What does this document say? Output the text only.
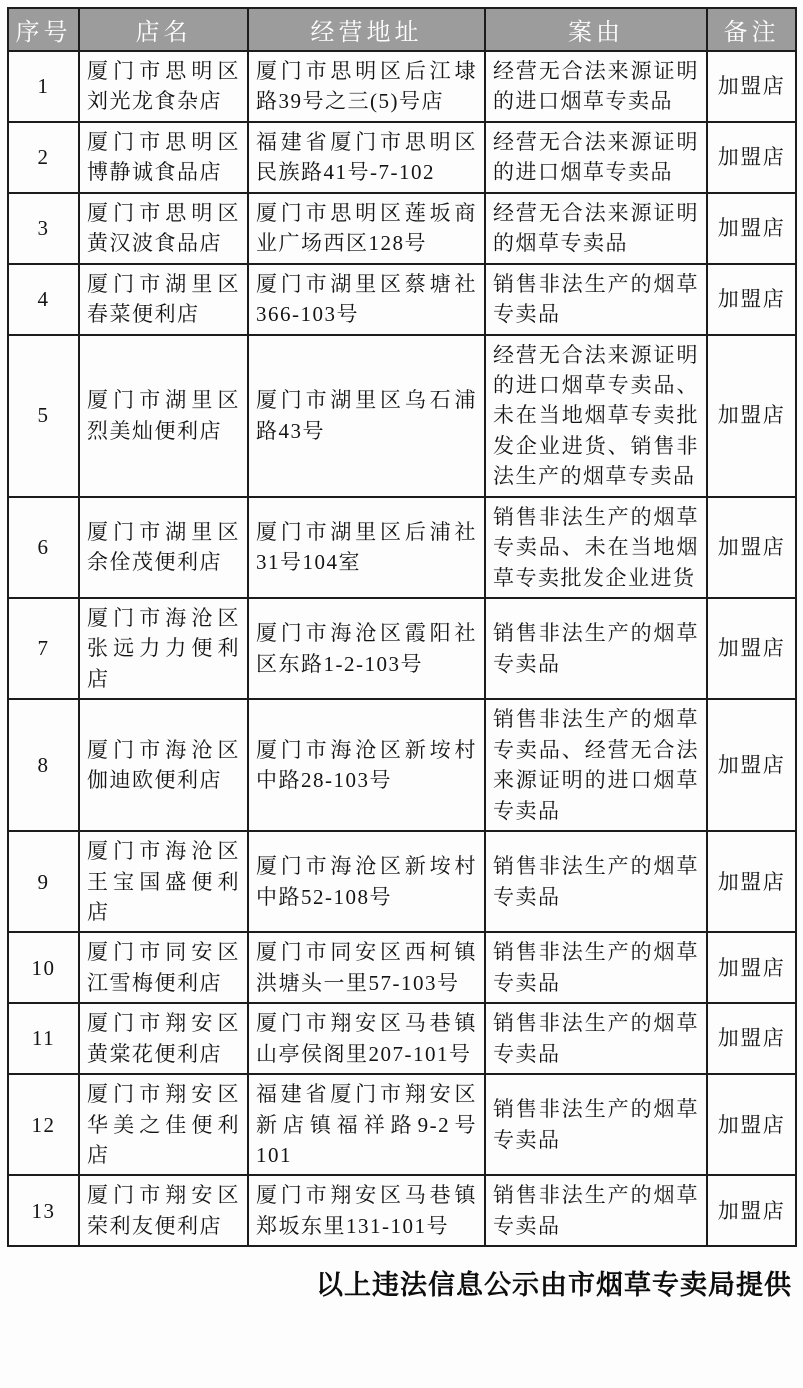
序号	店名	经营地址	案由	备注
1	厦门市思明区刘光龙食杂店	厦门市思明区后江埭路39号之三(5)号店	经营无合法来源证明的进口烟草专卖品	加盟店
2	厦门市思明区博静诚食品店	福建省厦门市思明区民族路41号-7-102	经营无合法来源证明的进口烟草专卖品	加盟店
3	厦门市思明区黄汉波食品店	厦门市思明区莲坂商业广场西区128号	经营无合法来源证明的烟草专卖品	加盟店
4	厦门市湖里区春菜便利店	厦门市湖里区蔡塘社366-103号	销售非法生产的烟草专卖品	加盟店
5	厦门市湖里区烈美灿便利店	厦门市湖里区乌石浦路43号	经营无合法来源证明的进口烟草专卖品、未在当地烟草专卖批发企业进货、销售非法生产的烟草专卖品	加盟店
6	厦门市湖里区余佺茂便利店	厦门市湖里区后浦社31号104室	销售非法生产的烟草专卖品、未在当地烟草专卖批发企业进货	加盟店
7	厦门市海沧区张远力力便利店	厦门市海沧区霞阳社区东路1-2-103号	销售非法生产的烟草专卖品	加盟店
8	厦门市海沧区伽迪欧便利店	厦门市海沧区新垵村中路28-103号	销售非法生产的烟草专卖品、经营无合法来源证明的进口烟草专卖品	加盟店
9	厦门市海沧区王宝国盛便利店	厦门市海沧区新垵村中路52-108号	销售非法生产的烟草专卖品	加盟店
10	厦门市同安区江雪梅便利店	厦门市同安区西柯镇洪塘头一里57-103号	销售非法生产的烟草专卖品	加盟店
11	厦门市翔安区黄棠花便利店	厦门市翔安区马巷镇山亭侯阁里207-101号	销售非法生产的烟草专卖品	加盟店
12	厦门市翔安区华美之佳便利店	福建省厦门市翔安区新店镇福祥路9-2号101	销售非法生产的烟草专卖品	加盟店
13	厦门市翔安区荣利友便利店	厦门市翔安区马巷镇郑坂东里131-101号	销售非法生产的烟草专卖品	加盟店
以上违法信息公示由市烟草专卖局提供
